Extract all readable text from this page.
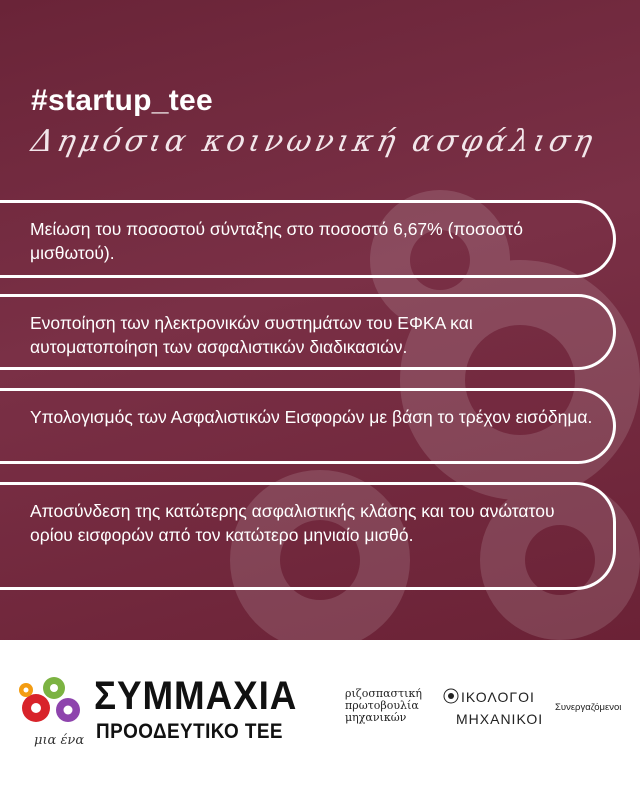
#startup_tee
Δημόσια κοινωνική ασφάλιση
Μείωση του ποσοστού σύνταξης στο ποσοστό 6,67% (ποσοστό μισθωτού).
Ενοποίηση των ηλεκτρονικών συστημάτων του ΕΦΚΑ και αυτοματοποίηση των ασφαλιστικών διαδικασιών.
Υπολογισμός των Ασφαλιστικών Εισφορών με βάση το τρέχον εισόδημα.
Αποσύνδεση της κατώτερης ασφαλιστικής κλάσης και του ανώτατου ορίου εισφορών από τον κατώτερο μηνιαίο μισθό.
μια ένα
ΣΥΜΜΑΧΙΑ
ΠΡΟΟΔΕΥΤΙΚΟ ΤΕΕ
ριζοσπαστική πρωτοβουλία μηχανικών
ΙΚΟΛΟΓΟΙ
ΜΗΧΑΝΙΚΟΙ
Συνεργαζόμενοι
